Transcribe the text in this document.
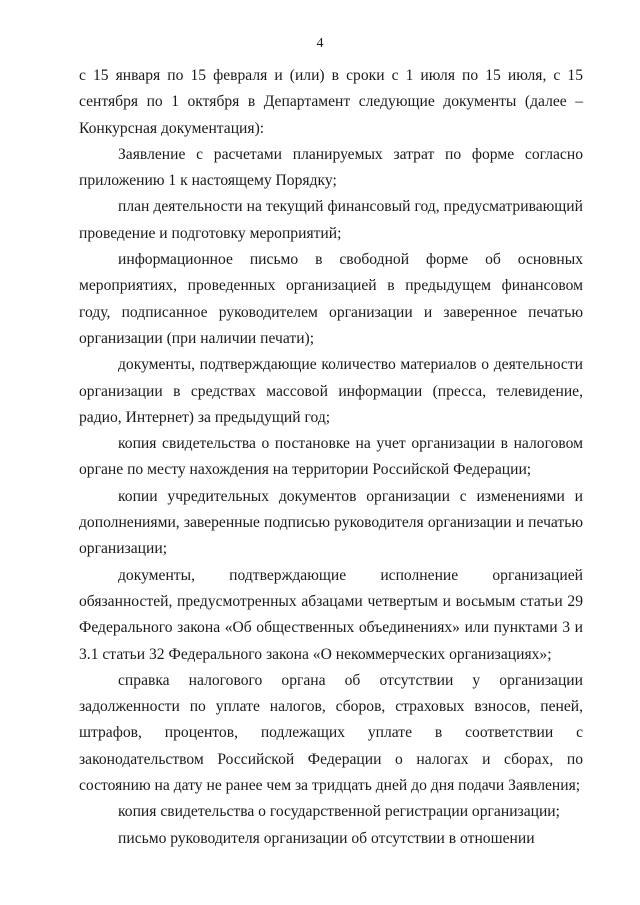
4

с 15 января по 15 февраля и (или) в сроки с 1 июля по 15 июля, с 15 сентября по 1 октября в Департамент следующие документы (далее – Конкурсная документация):

Заявление с расчетами планируемых затрат по форме согласно приложению 1 к настоящему Порядку;

план деятельности на текущий финансовый год, предусматривающий проведение и подготовку мероприятий;

информационное письмо в свободной форме об основных мероприятиях, проведенных организацией в предыдущем финансовом году, подписанное руководителем организации и заверенное печатью организации (при наличии печати);

документы, подтверждающие количество материалов о деятельности организации в средствах массовой информации (пресса, телевидение, радио, Интернет) за предыдущий год;

копия свидетельства о постановке на учет организации в налоговом органе по месту нахождения на территории Российской Федерации;

копии учредительных документов организации с изменениями и дополнениями, заверенные подписью руководителя организации и печатью организации;

документы, подтверждающие исполнение организацией обязанностей, предусмотренных абзацами четвертым и восьмым статьи 29 Федерального закона «Об общественных объединениях» или пунктами 3 и 3.1 статьи 32 Федерального закона «О некоммерческих организациях»;

справка налогового органа об отсутствии у организации задолженности по уплате налогов, сборов, страховых взносов, пеней, штрафов, процентов, подлежащих уплате в соответствии с законодательством Российской Федерации о налогах и сборах, по состоянию на дату не ранее чем за тридцать дней до дня подачи Заявления;

копия свидетельства о государственной регистрации организации;

письмо руководителя организации об отсутствии в отношении
